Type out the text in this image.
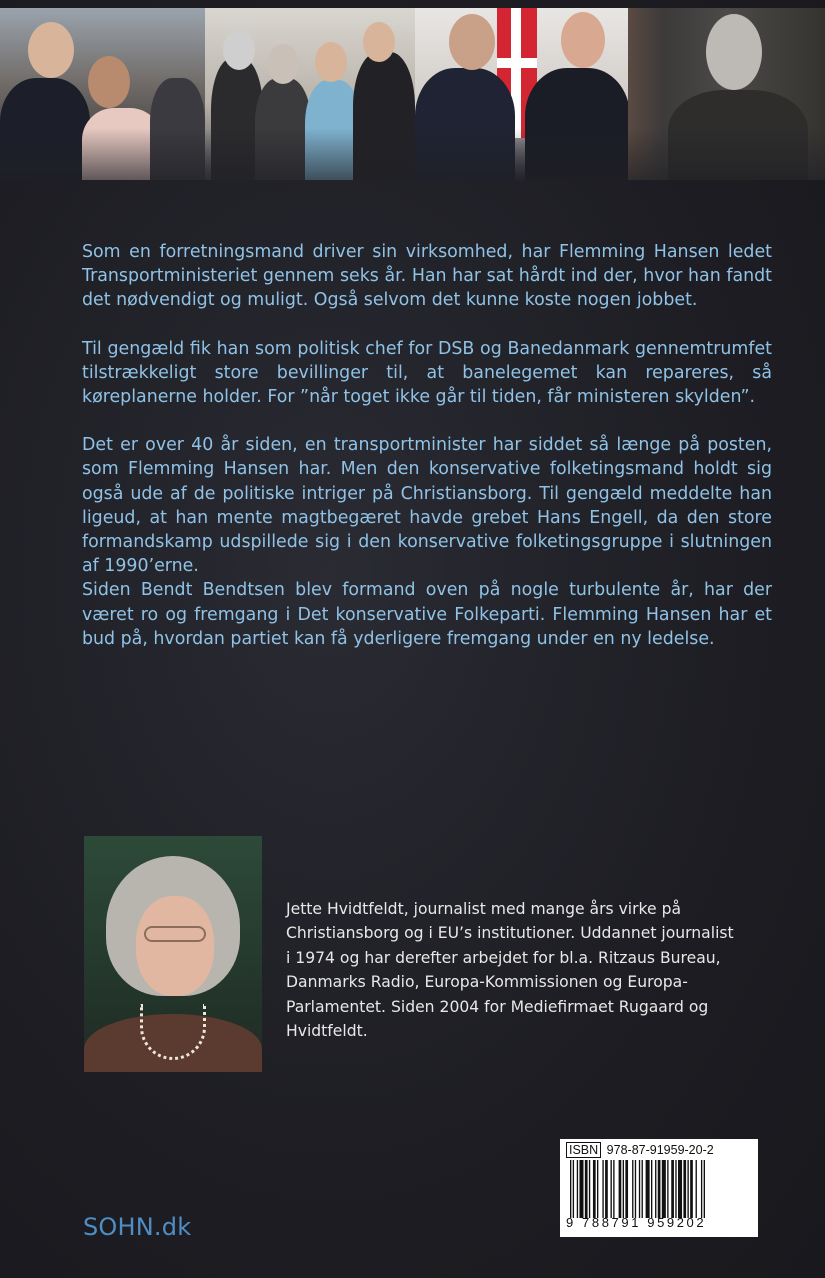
Som en forretningsmand driver sin virksomhed, har Flemming Hansen ledet Transportministeriet gennem seks år. Han har sat hårdt ind der, hvor han fandt det nødvendigt og muligt. Også selvom det kunne koste nogen jobbet.

Til gengæld fik han som politisk chef for DSB og Banedanmark gennemtrumfet tilstrækkeligt store bevillinger til, at banelegemet kan repareres, så køreplanerne holder. For ”når toget ikke går til tiden, får ministeren skylden”.

Det er over 40 år siden, en transportminister har siddet så længe på posten, som Flemming Hansen har. Men den konservative folketingsmand holdt sig også ude af de politiske intriger på Christiansborg. Til gengæld meddelte han ligeud, at han mente magtbegæret havde grebet Hans Engell, da den store formandskamp udspillede sig i den konservative folketingsgruppe i slutningen af 1990’erne.

Siden Bendt Bendtsen blev formand oven på nogle turbulente år, har der været ro og fremgang i Det konservative Folkeparti. Flemming Hansen har et bud på, hvordan partiet kan få yderligere fremgang under en ny ledelse.

Jette Hvidtfeldt, journalist med mange års virke på Christiansborg og i EU’s institutioner. Uddannet journalist i 1974 og har derefter arbejdet for bl.a. Ritzaus Bureau, Danmarks Radio, Europa-Kommissionen og Europa-Parlamentet. Siden 2004 for Mediefirmaet Rugaard og Hvidtfeldt.
SOHN.dk
ISBN 978-87-91959-20-2
9 788791 959202
